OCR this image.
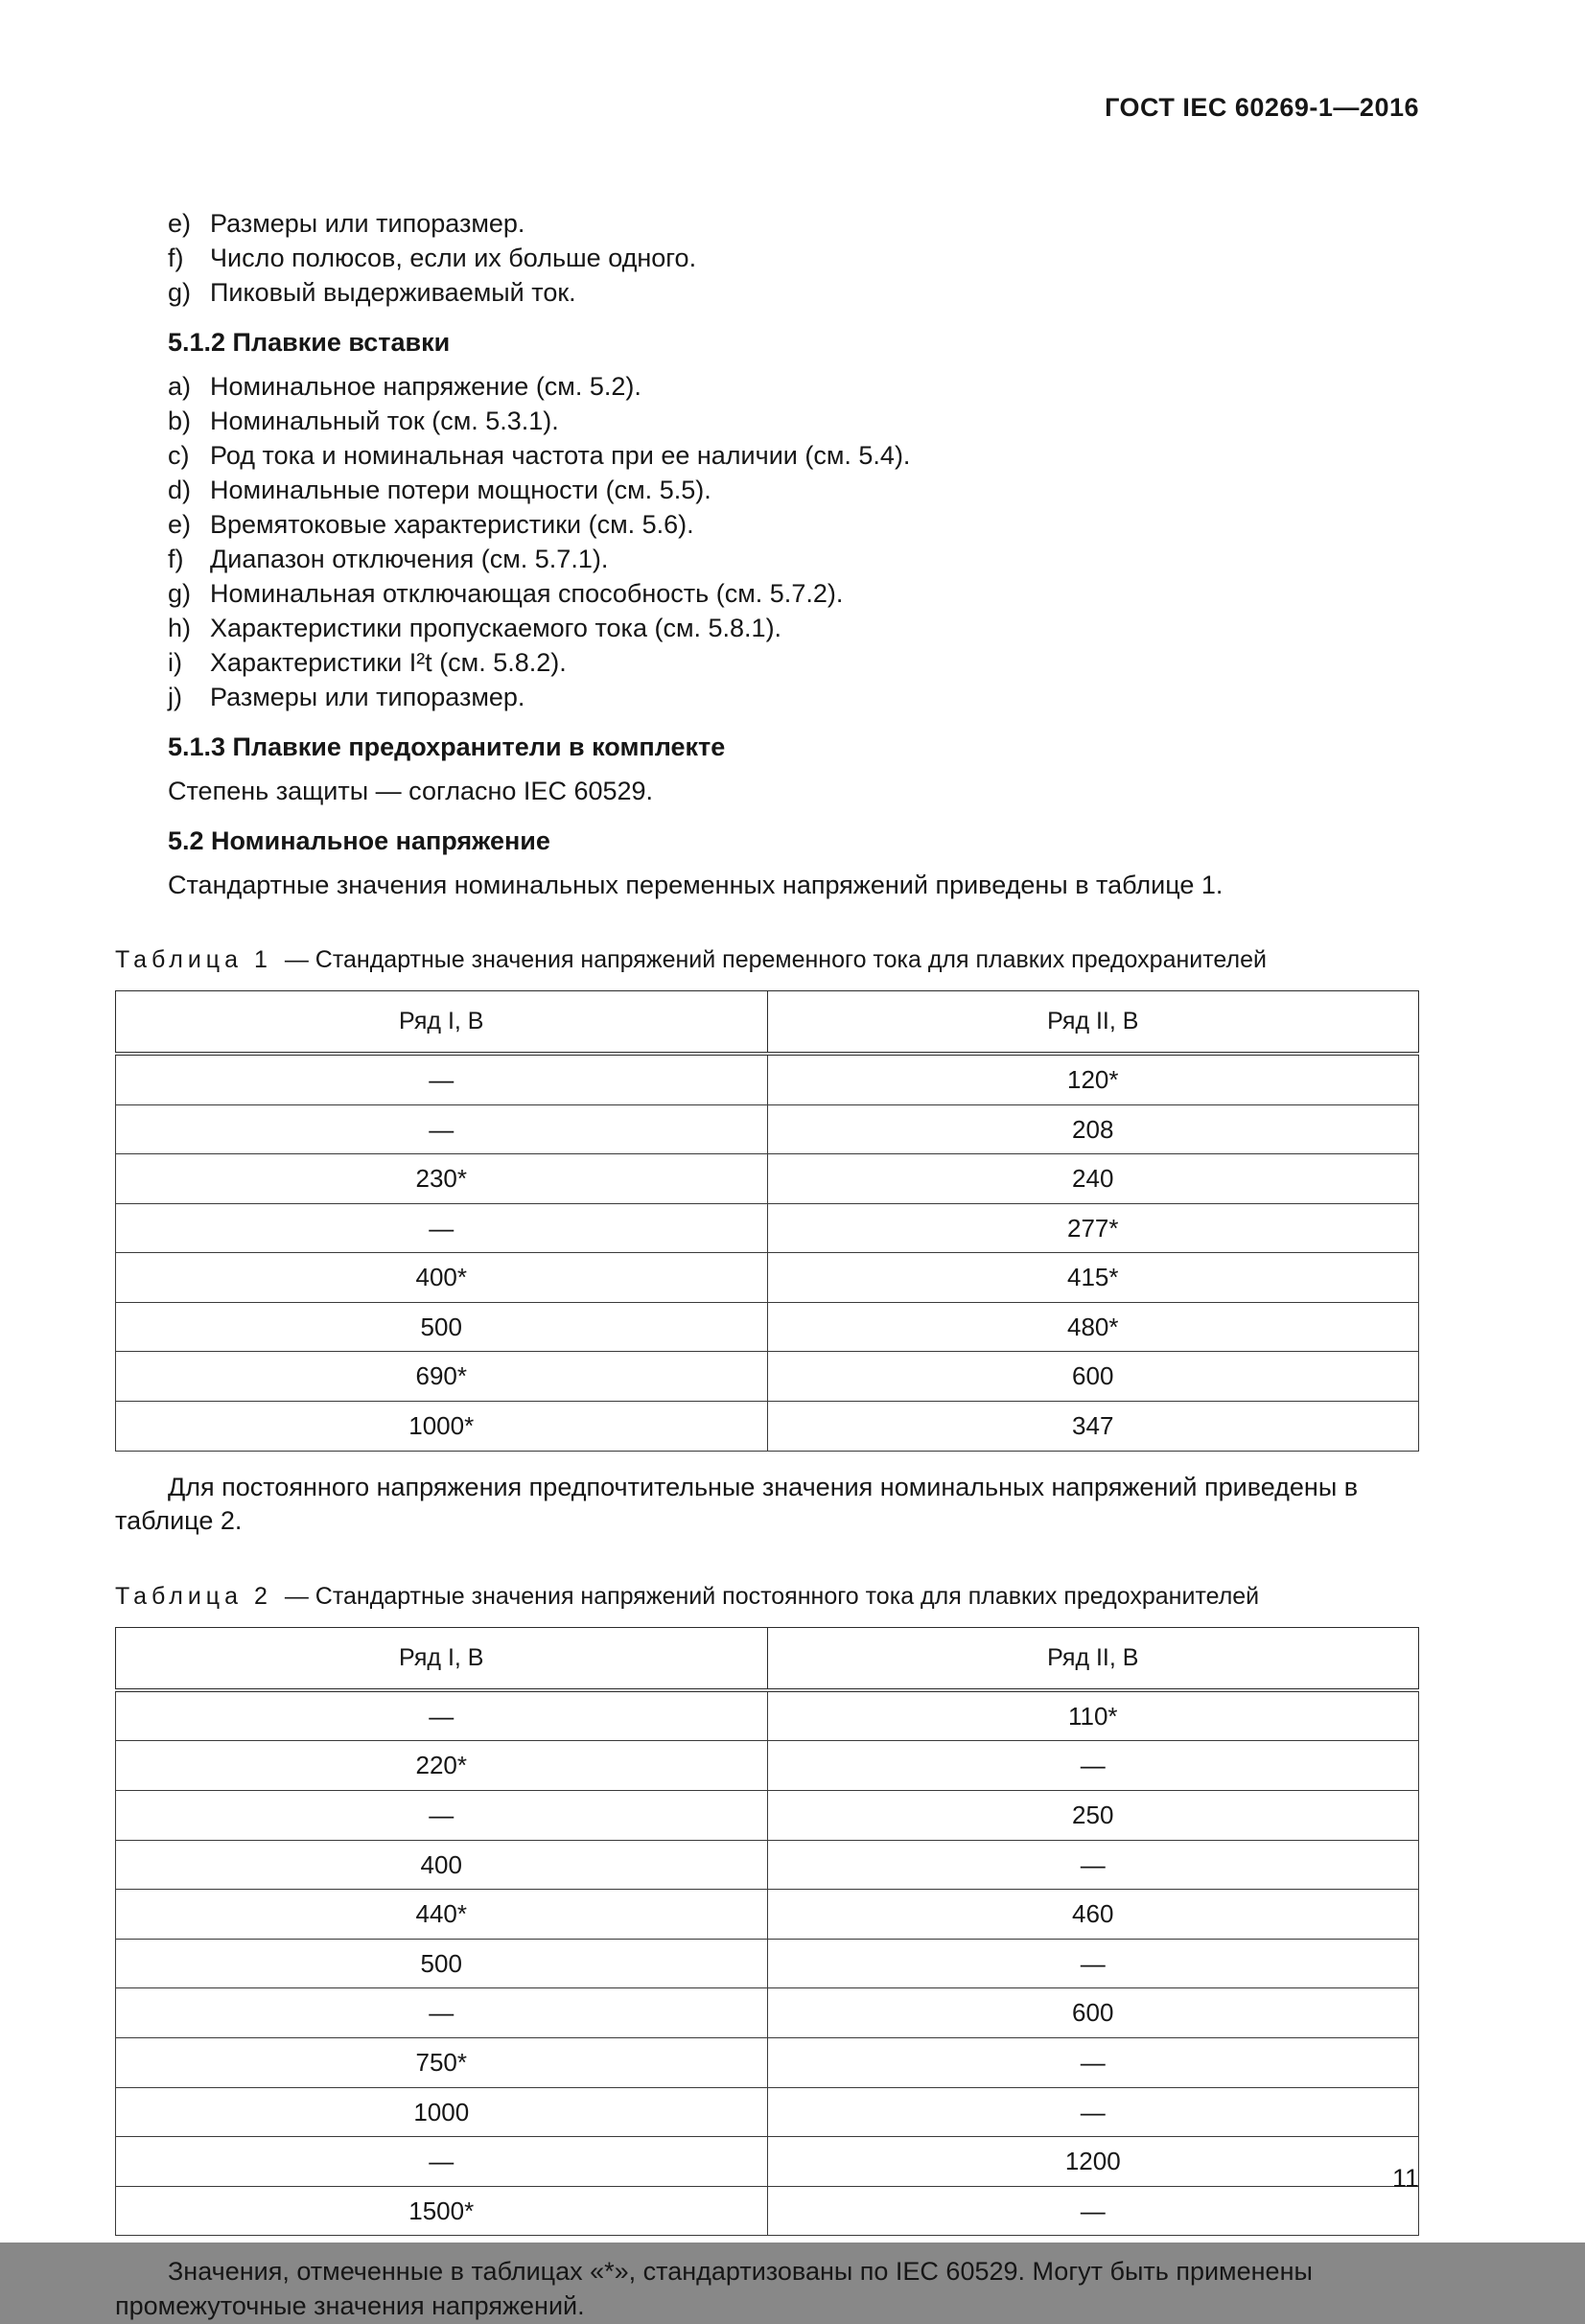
ГОСТ IEC 60269-1—2016
e) Размеры или типоразмер.
f)	Число полюсов, если их больше одного.
g) Пиковый выдерживаемый ток.
5.1.2 Плавкие вставки
a) Номинальное напряжение (см. 5.2).
b) Номинальный ток (см. 5.3.1).
c) Род тока и номинальная частота при ее наличии (см. 5.4).
d) Номинальные потери мощности (см. 5.5).
e) Времятоковые характеристики (см. 5.6).
f)	Диапазон отключения (см. 5.7.1).
g) Номинальная отключающая способность (см. 5.7.2).
h) Характеристики пропускаемого тока (см. 5.8.1).
i)	Характеристики I²t (см. 5.8.2).
j)	Размеры или типоразмер.
5.1.3 Плавкие предохранители в комплекте

Степень защиты — согласно IEC 60529.

5.2 Номинальное напряжение

Стандартные значения номинальных переменных напряжений приведены в таблице 1.

Таблица 1 — Стандартные значения напряжений переменного тока для плавких предохранителей

Ряд I, В	Ряд II, В
—	120*
—	208
230*	240
—	277*
400*	415*
500	480*
690*	600
1000*	347

Для постоянного напряжения предпочтительные значения номинальных напряжений приведены в таблице 2.

Таблица 2 — Стандартные значения напряжений постоянного тока для плавких предохранителей

Ряд I, В	Ряд II, В
—	110*
220*	—
—	250
400	—
440*	460
500	—
—	600
750*	—
1000	—
—	1200
1500*	—

Значения, отмеченные в таблицах «*», стандартизованы по IEC 60529. Могут быть применены промежуточные значения напряжений.

11
